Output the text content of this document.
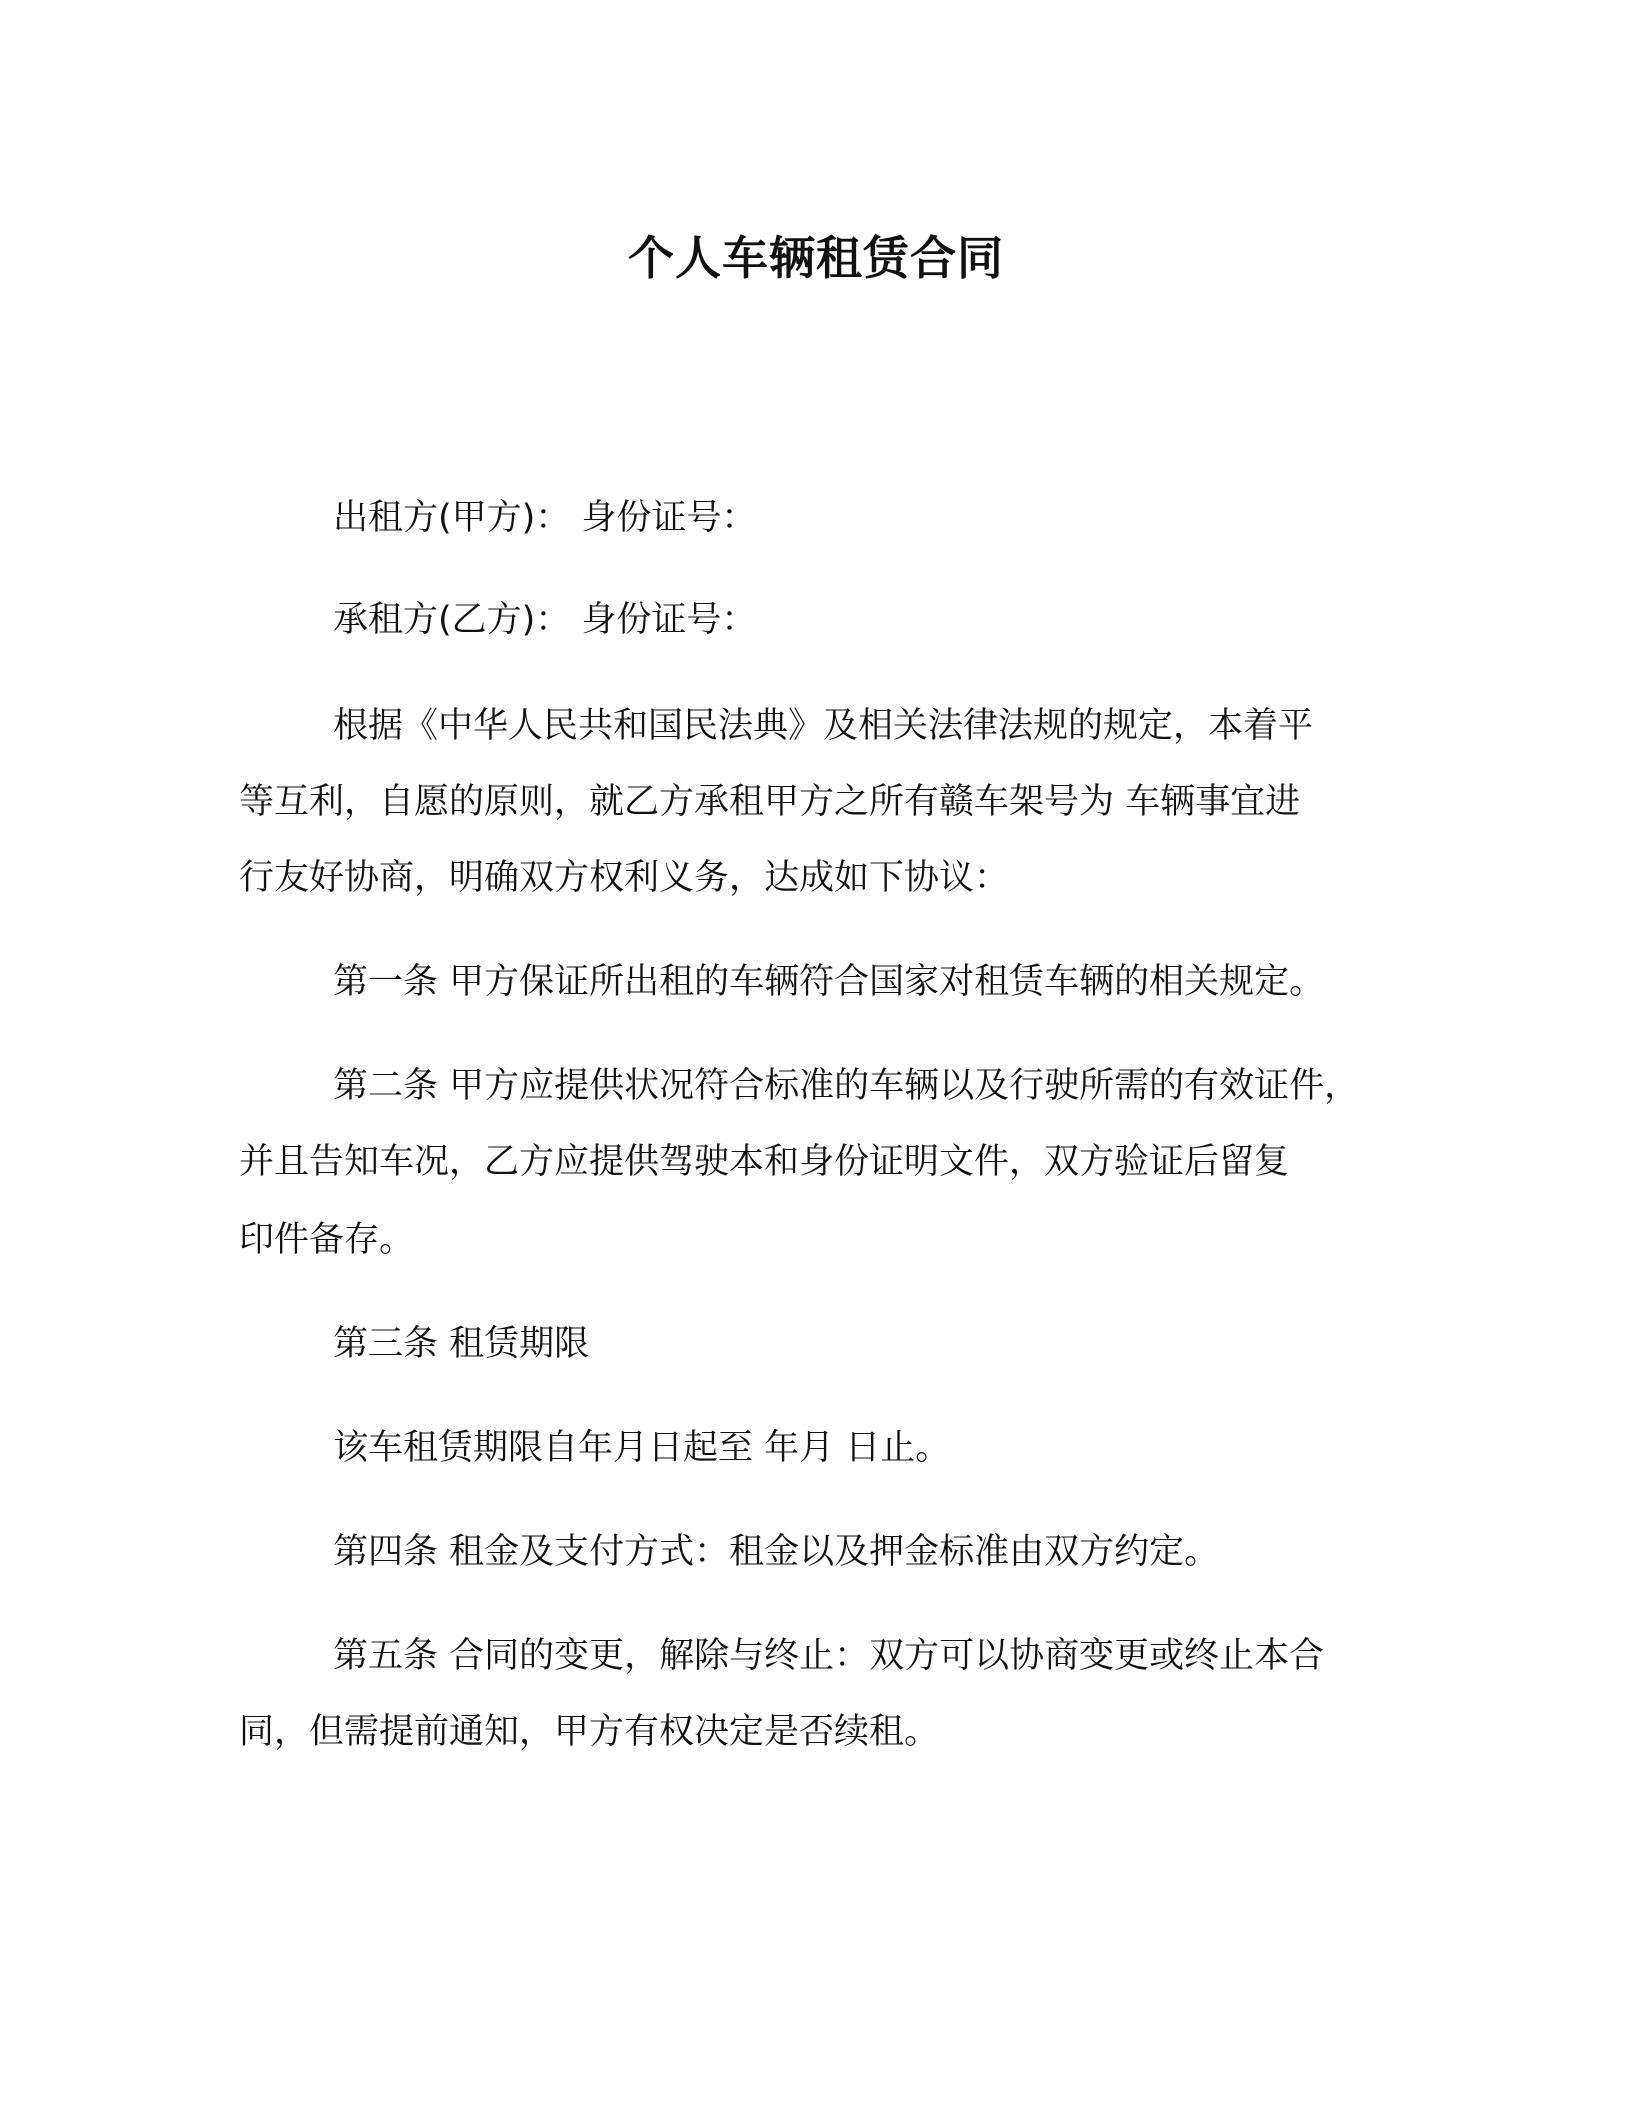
个人车辆租赁合同

出租方(甲方)： 身份证号：

承租方(乙方)： 身份证号：

根据《中华人民共和国民法典》及相关法律法规的规定，本着平

等互利，自愿的原则，就乙方承租甲方之所有赣车架号为 车辆事宜进

行友好协商，明确双方权利义务，达成如下协议：

第一条 甲方保证所出租的车辆符合国家对租赁车辆的相关规定。

第二条 甲方应提供状况符合标准的车辆以及行驶所需的有效证件，

并且告知车况，乙方应提供驾驶本和身份证明文件，双方验证后留复

印件备存。

第三条 租赁期限

该车租赁期限自年月日起至 年月 日止。

第四条 租金及支付方式：租金以及押金标准由双方约定。

第五条 合同的变更，解除与终止：双方可以协商变更或终止本合

同，但需提前通知，甲方有权决定是否续租。
